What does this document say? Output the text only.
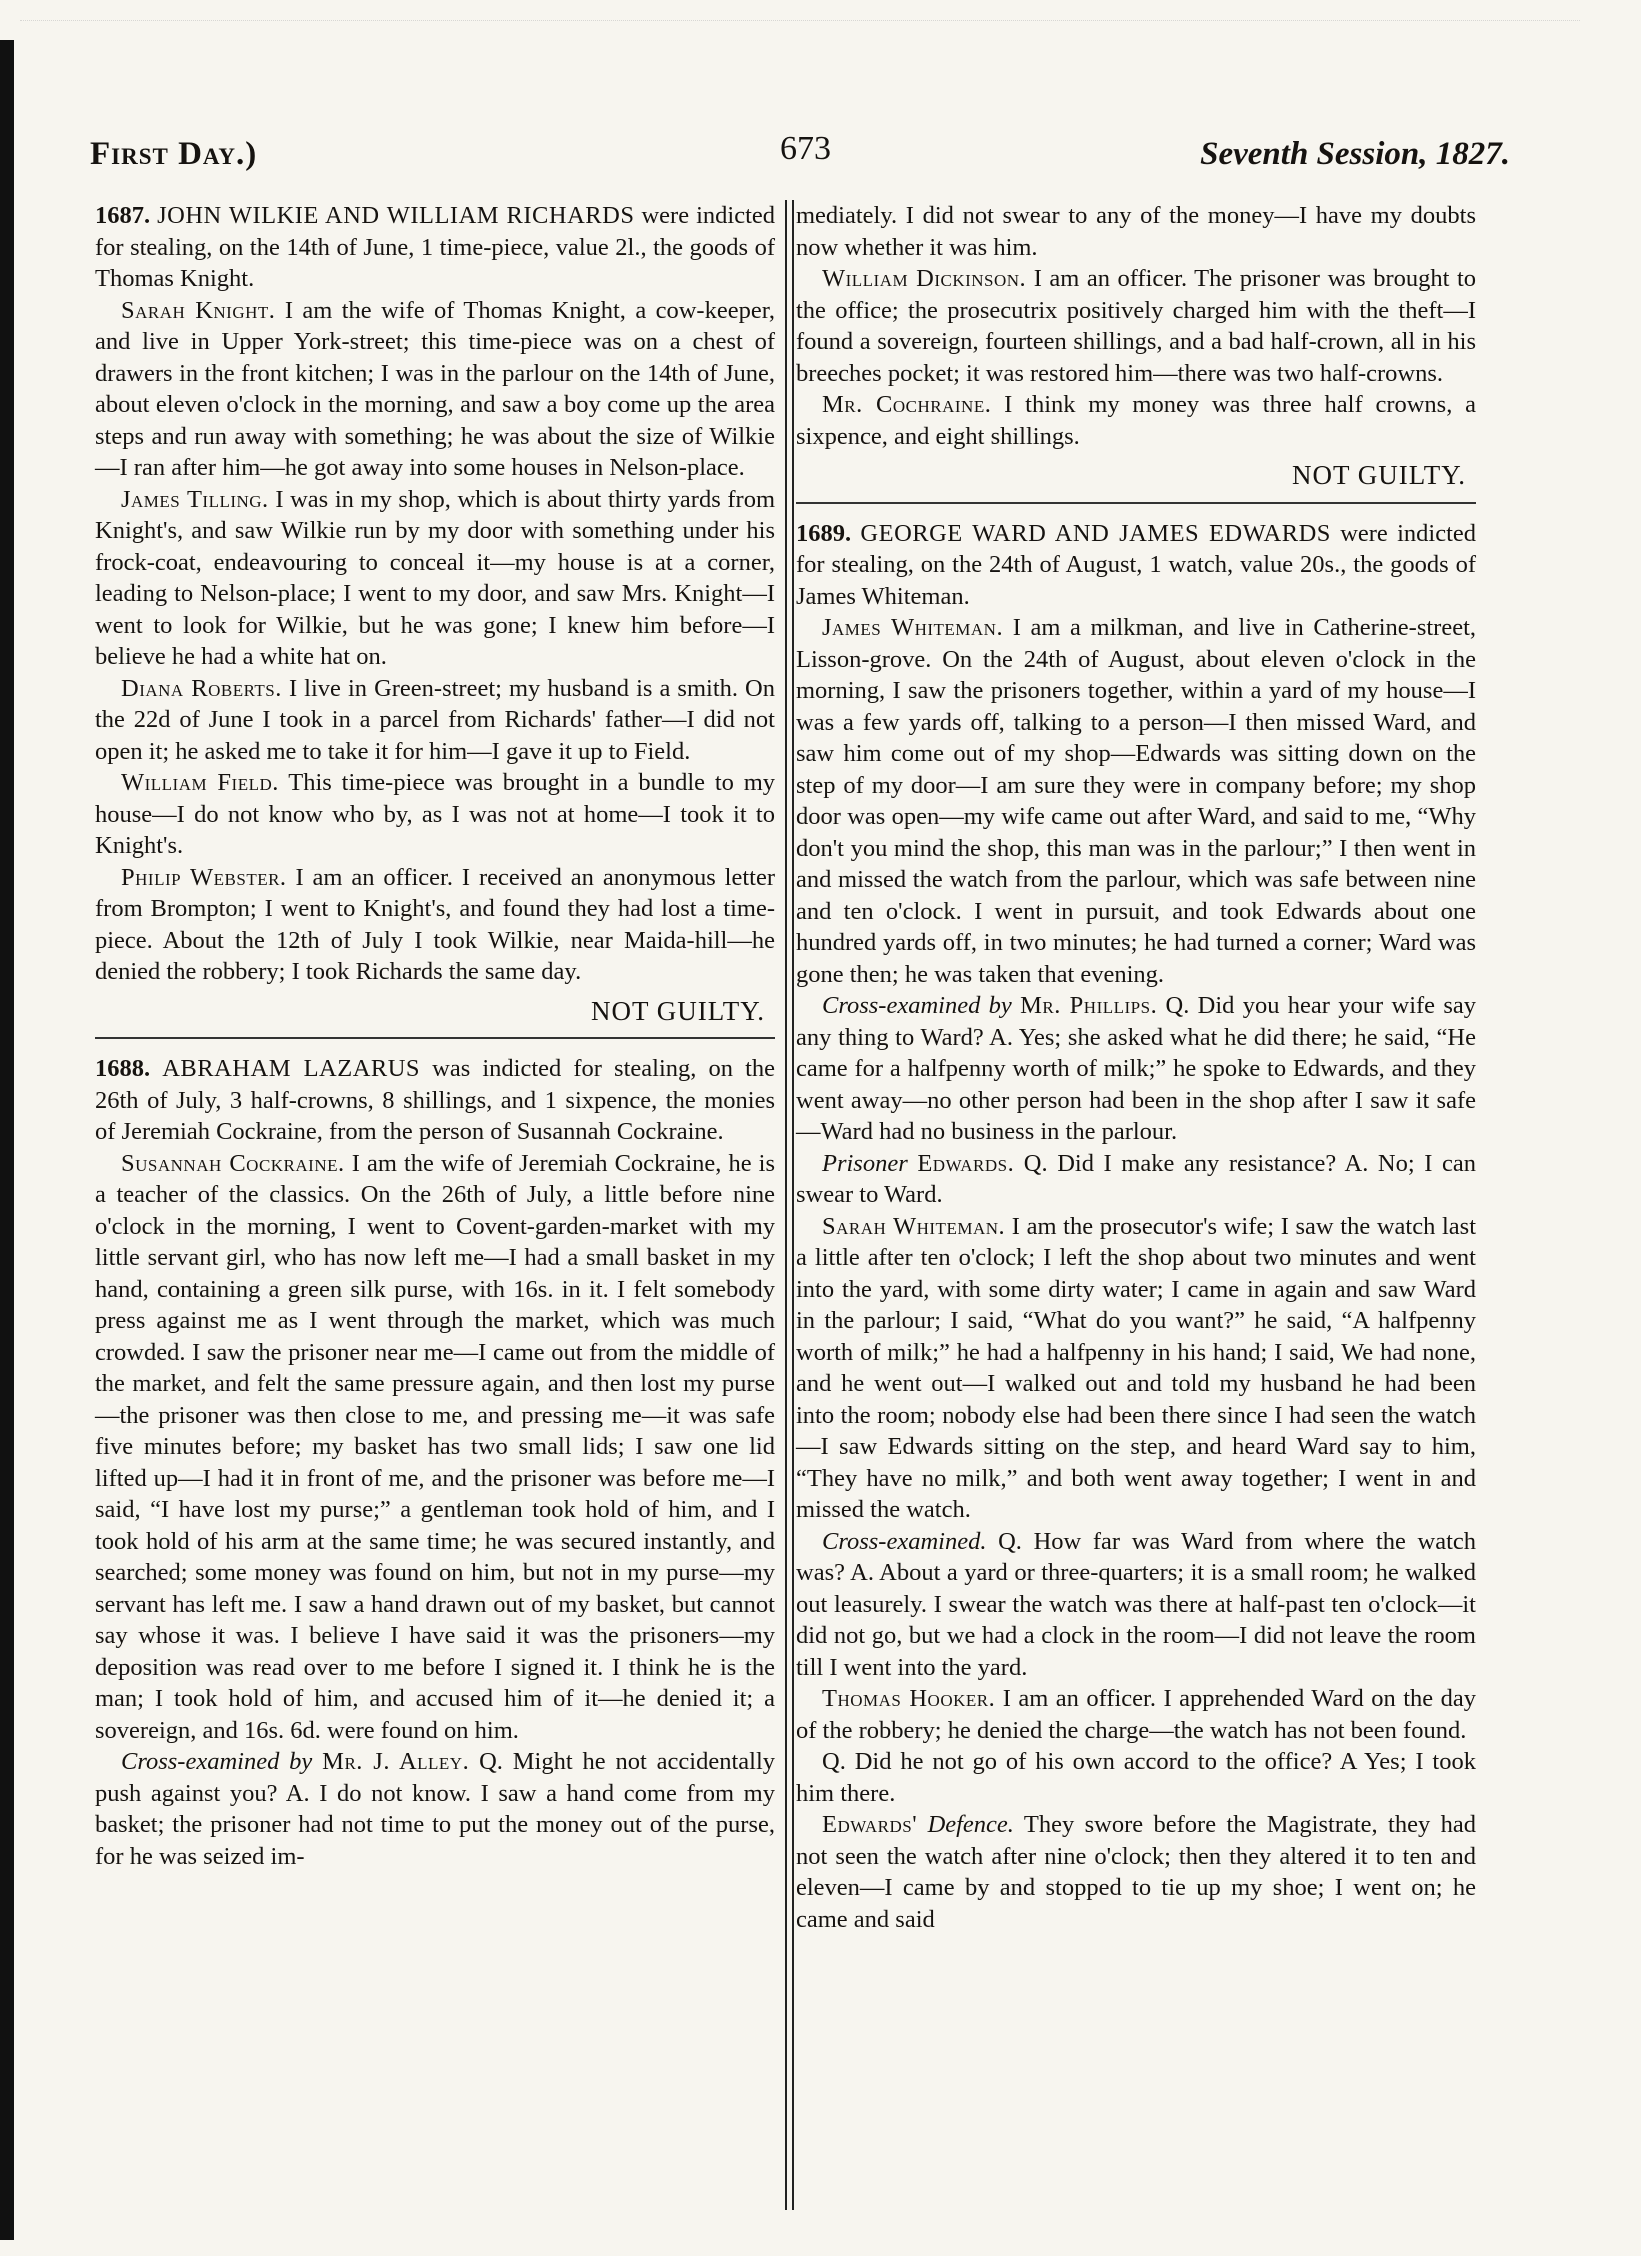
First Day.)	673	Seventh Session, 1827.

1687. JOHN WILKIE AND WILLIAM RICHARDS were indicted for stealing, on the 14th of June, 1 time-piece, value 2l., the goods of Thomas Knight.

Sarah Knight. I am the wife of Thomas Knight, a cow-keeper, and live in Upper York-street; this time-piece was on a chest of drawers in the front kitchen; I was in the parlour on the 14th of June, about eleven o'clock in the morning, and saw a boy come up the area steps and run away with something; he was about the size of Wilkie—I ran after him—he got away into some houses in Nelson-place.

James Tilling. I was in my shop, which is about thirty yards from Knight's, and saw Wilkie run by my door with something under his frock-coat, endeavouring to conceal it—my house is at a corner, leading to Nelson-place; I went to my door, and saw Mrs. Knight—I went to look for Wilkie, but he was gone; I knew him before—I believe he had a white hat on.

Diana Roberts. I live in Green-street; my husband is a smith. On the 22d of June I took in a parcel from Richards' father—I did not open it; he asked me to take it for him—I gave it up to Field.

William Field. This time-piece was brought in a bundle to my house—I do not know who by, as I was not at home—I took it to Knight's.

Philip Webster. I am an officer. I received an anonymous letter from Brompton; I went to Knight's, and found they had lost a time-piece. About the 12th of July I took Wilkie, near Maida-hill—he denied the robbery; I took Richards the same day.

NOT GUILTY.

1688. ABRAHAM LAZARUS was indicted for stealing, on the 26th of July, 3 half-crowns, 8 shillings, and 1 sixpence, the monies of Jeremiah Cockraine, from the person of Susannah Cockraine.

Susannah Cockraine. I am the wife of Jeremiah Cockraine, he is a teacher of the classics. On the 26th of July, a little before nine o'clock in the morning, I went to Covent-garden-market with my little servant girl, who has now left me—I had a small basket in my hand, containing a green silk purse, with 16s. in it. I felt somebody press against me as I went through the market, which was much crowded. I saw the prisoner near me—I came out from the middle of the market, and felt the same pressure again, and then lost my purse—the prisoner was then close to me, and pressing me—it was safe five minutes before; my basket has two small lids; I saw one lid lifted up—I had it in front of me, and the prisoner was before me—I said, “I have lost my purse;” a gentleman took hold of him, and I took hold of his arm at the same time; he was secured instantly, and searched; some money was found on him, but not in my purse—my servant has left me. I saw a hand drawn out of my basket, but cannot say whose it was. I believe I have said it was the prisoners—my deposition was read over to me before I signed it. I think he is the man; I took hold of him, and accused him of it—he denied it; a sovereign, and 16s. 6d. were found on him.

Cross-examined by Mr. J. Alley. Q. Might he not accidentally push against you? A. I do not know. I saw a hand come from my basket; the prisoner had not time to put the money out of the purse, for he was seized im-

mediately. I did not swear to any of the money—I have my doubts now whether it was him.

William Dickinson. I am an officer. The prisoner was brought to the office; the prosecutrix positively charged him with the theft—I found a sovereign, fourteen shillings, and a bad half-crown, all in his breeches pocket; it was restored him—there was two half-crowns.

Mr. Cochraine. I think my money was three half crowns, a sixpence, and eight shillings.

NOT GUILTY.

1689. GEORGE WARD AND JAMES EDWARDS were indicted for stealing, on the 24th of August, 1 watch, value 20s., the goods of James Whiteman.

James Whiteman. I am a milkman, and live in Catherine-street, Lisson-grove. On the 24th of August, about eleven o'clock in the morning, I saw the prisoners together, within a yard of my house—I was a few yards off, talking to a person—I then missed Ward, and saw him come out of my shop—Edwards was sitting down on the step of my door—I am sure they were in company before; my shop door was open—my wife came out after Ward, and said to me, “Why don't you mind the shop, this man was in the parlour;” I then went in and missed the watch from the parlour, which was safe between nine and ten o'clock. I went in pursuit, and took Edwards about one hundred yards off, in two minutes; he had turned a corner; Ward was gone then; he was taken that evening.

Cross-examined by Mr. Phillips. Q. Did you hear your wife say any thing to Ward? A. Yes; she asked what he did there; he said, “He came for a halfpenny worth of milk;” he spoke to Edwards, and they went away—no other person had been in the shop after I saw it safe—Ward had no business in the parlour.

Prisoner Edwards. Q. Did I make any resistance? A. No; I can swear to Ward.

Sarah Whiteman. I am the prosecutor's wife; I saw the watch last a little after ten o'clock; I left the shop about two minutes and went into the yard, with some dirty water; I came in again and saw Ward in the parlour; I said, “What do you want?” he said, “A halfpenny worth of milk;” he had a halfpenny in his hand; I said, We had none, and he went out—I walked out and told my husband he had been into the room; nobody else had been there since I had seen the watch—I saw Edwards sitting on the step, and heard Ward say to him, “They have no milk,” and both went away together; I went in and missed the watch.

Cross-examined. Q. How far was Ward from where the watch was? A. About a yard or three-quarters; it is a small room; he walked out leasurely. I swear the watch was there at half-past ten o'clock—it did not go, but we had a clock in the room—I did not leave the room till I went into the yard.

Thomas Hooker. I am an officer. I apprehended Ward on the day of the robbery; he denied the charge—the watch has not been found.

Q. Did he not go of his own accord to the office? A Yes; I took him there.

Edwards' Defence. They swore before the Magistrate, they had not seen the watch after nine o'clock; then they altered it to ten and eleven—I came by and stopped to tie up my shoe; I went on; he came and said
